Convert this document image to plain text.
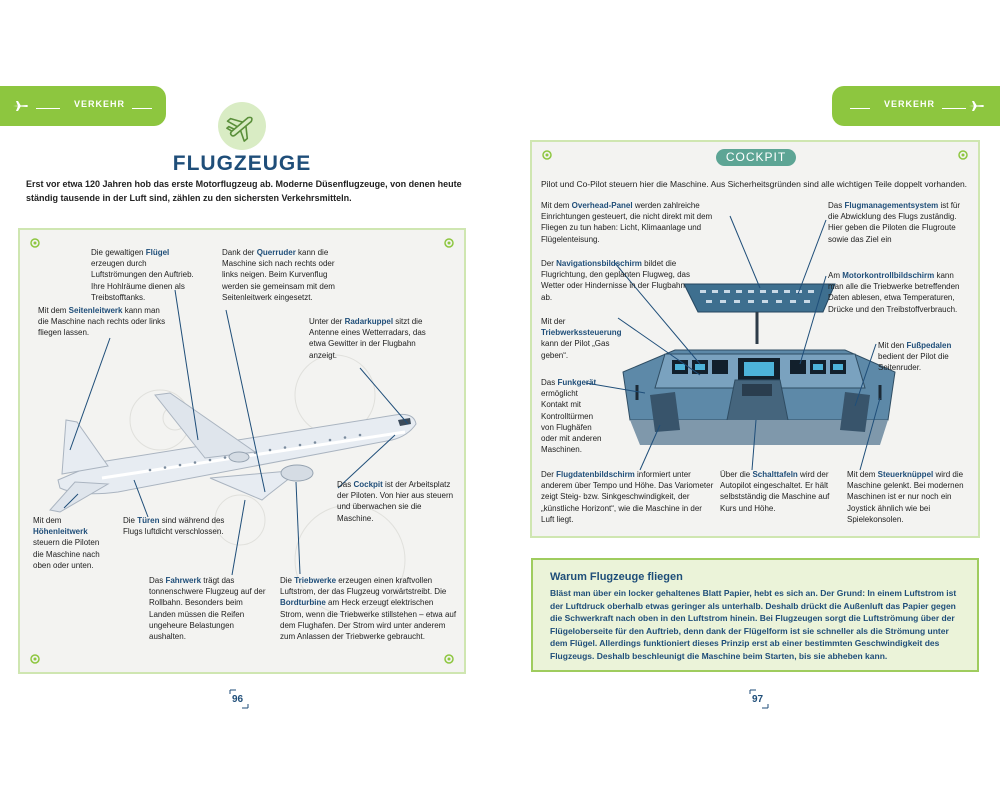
VERKEHR	VERKEHR
FLUGZEUGE
Erst vor etwa 120 Jahren hob das erste Motorflugzeug ab. Moderne Düsenflugzeuge, von denen heute ständig tausende in der Luft sind, zählen zu den sichersten Verkehrsmitteln.
Die gewaltigen Flügel erzeugen durch Luftströmungen den Auftrieb. Ihre Hohlräume dienen als Treibstofftanks.
Dank der Querruder kann die Maschine sich nach rechts oder links neigen. Beim Kurvenflug werden sie gemeinsam mit dem Seitenleitwerk eingesetzt.
Mit dem Seitenleitwerk kann man die Maschine nach rechts oder links fliegen lassen.
Unter der Radarkuppel sitzt die Antenne eines Wetterradars, das etwa Gewitter in der Flugbahn anzeigt.
Das Cockpit ist der Arbeitsplatz der Piloten. Von hier aus steuern und überwachen sie die Maschine.
Mit dem Höhenleitwerk steuern die Piloten die Maschine nach oben oder unten.
Die Türen sind während des Flugs luftdicht verschlossen.
Das Fahrwerk trägt das tonnenschwere Flugzeug auf der Rollbahn. Besonders beim Landen müssen die Reifen ungeheure Belastungen aushalten.
Die Triebwerke erzeugen einen kraftvollen Luftstrom, der das Flugzeug vorwärtstreibt. Die Bordturbine am Heck erzeugt elektrischen Strom, wenn die Triebwerke stillstehen – etwa auf dem Flughafen. Der Strom wird unter anderem zum Anlassen der Triebwerke gebraucht.
96
COCKPIT
Pilot und Co-Pilot steuern hier die Maschine. Aus Sicherheitsgründen sind alle wichtigen Teile doppelt vorhanden.
Mit dem Overhead-Panel werden zahlreiche Einrichtungen gesteuert, die nicht direkt mit dem Fliegen zu tun haben: Licht, Klimaanlage und Flügelenteisung.
Das Flugmanagementsystem ist für die Abwicklung des Flugs zuständig. Hier geben die Piloten die Flugroute sowie das Ziel ein
Der Navigationsbildschirm bildet die Flugrichtung, den geplanten Flugweg, das Wetter oder Hindernisse in der Flugbahn ab.
Am Motorkontrollbildschirm kann man alle die Triebwerke betreffenden Daten ablesen, etwa Temperaturen, Drücke und den Treibstoffverbrauch.
Mit der Triebwerkssteuerung kann der Pilot „Gas geben“.
Mit den Fußpedalen bedient der Pilot die Seitenruder.
Das Funkgerät ermöglicht Kontakt mit Kontrolltürmen von Flughäfen oder mit anderen Maschinen.
Der Flugdatenbildschirm informiert unter anderem über Tempo und Höhe. Das Variometer zeigt Steig- bzw. Sinkgeschwindigkeit, der „künstliche Horizont“, wie die Maschine in der Luft liegt.
Über die Schalttafeln wird der Autopilot eingeschaltet. Er hält selbstständig die Maschine auf Kurs und Höhe.
Mit dem Steuerknüppel wird die Maschine gelenkt. Bei modernen Maschinen ist er nur noch ein Joystick ähnlich wie bei Spielekonsolen.
Warum Flugzeuge fliegen
Bläst man über ein locker gehaltenes Blatt Papier, hebt es sich an. Der Grund: In einem Luftstrom ist der Luftdruck oberhalb etwas geringer als unterhalb. Deshalb drückt die Außenluft das Papier gegen die Schwerkraft nach oben in den Luftstrom hinein. Bei Flugzeugen sorgt die Luftströmung über der Flügeloberseite für den Auftrieb, denn dank der Flügelform ist sie schneller als die Strömung unter dem Flügel. Allerdings funktioniert dieses Prinzip erst ab einer bestimmten Geschwindigkeit des Flugzeugs. Deshalb beschleunigt die Maschine beim Starten, bis sie abheben kann.
97
